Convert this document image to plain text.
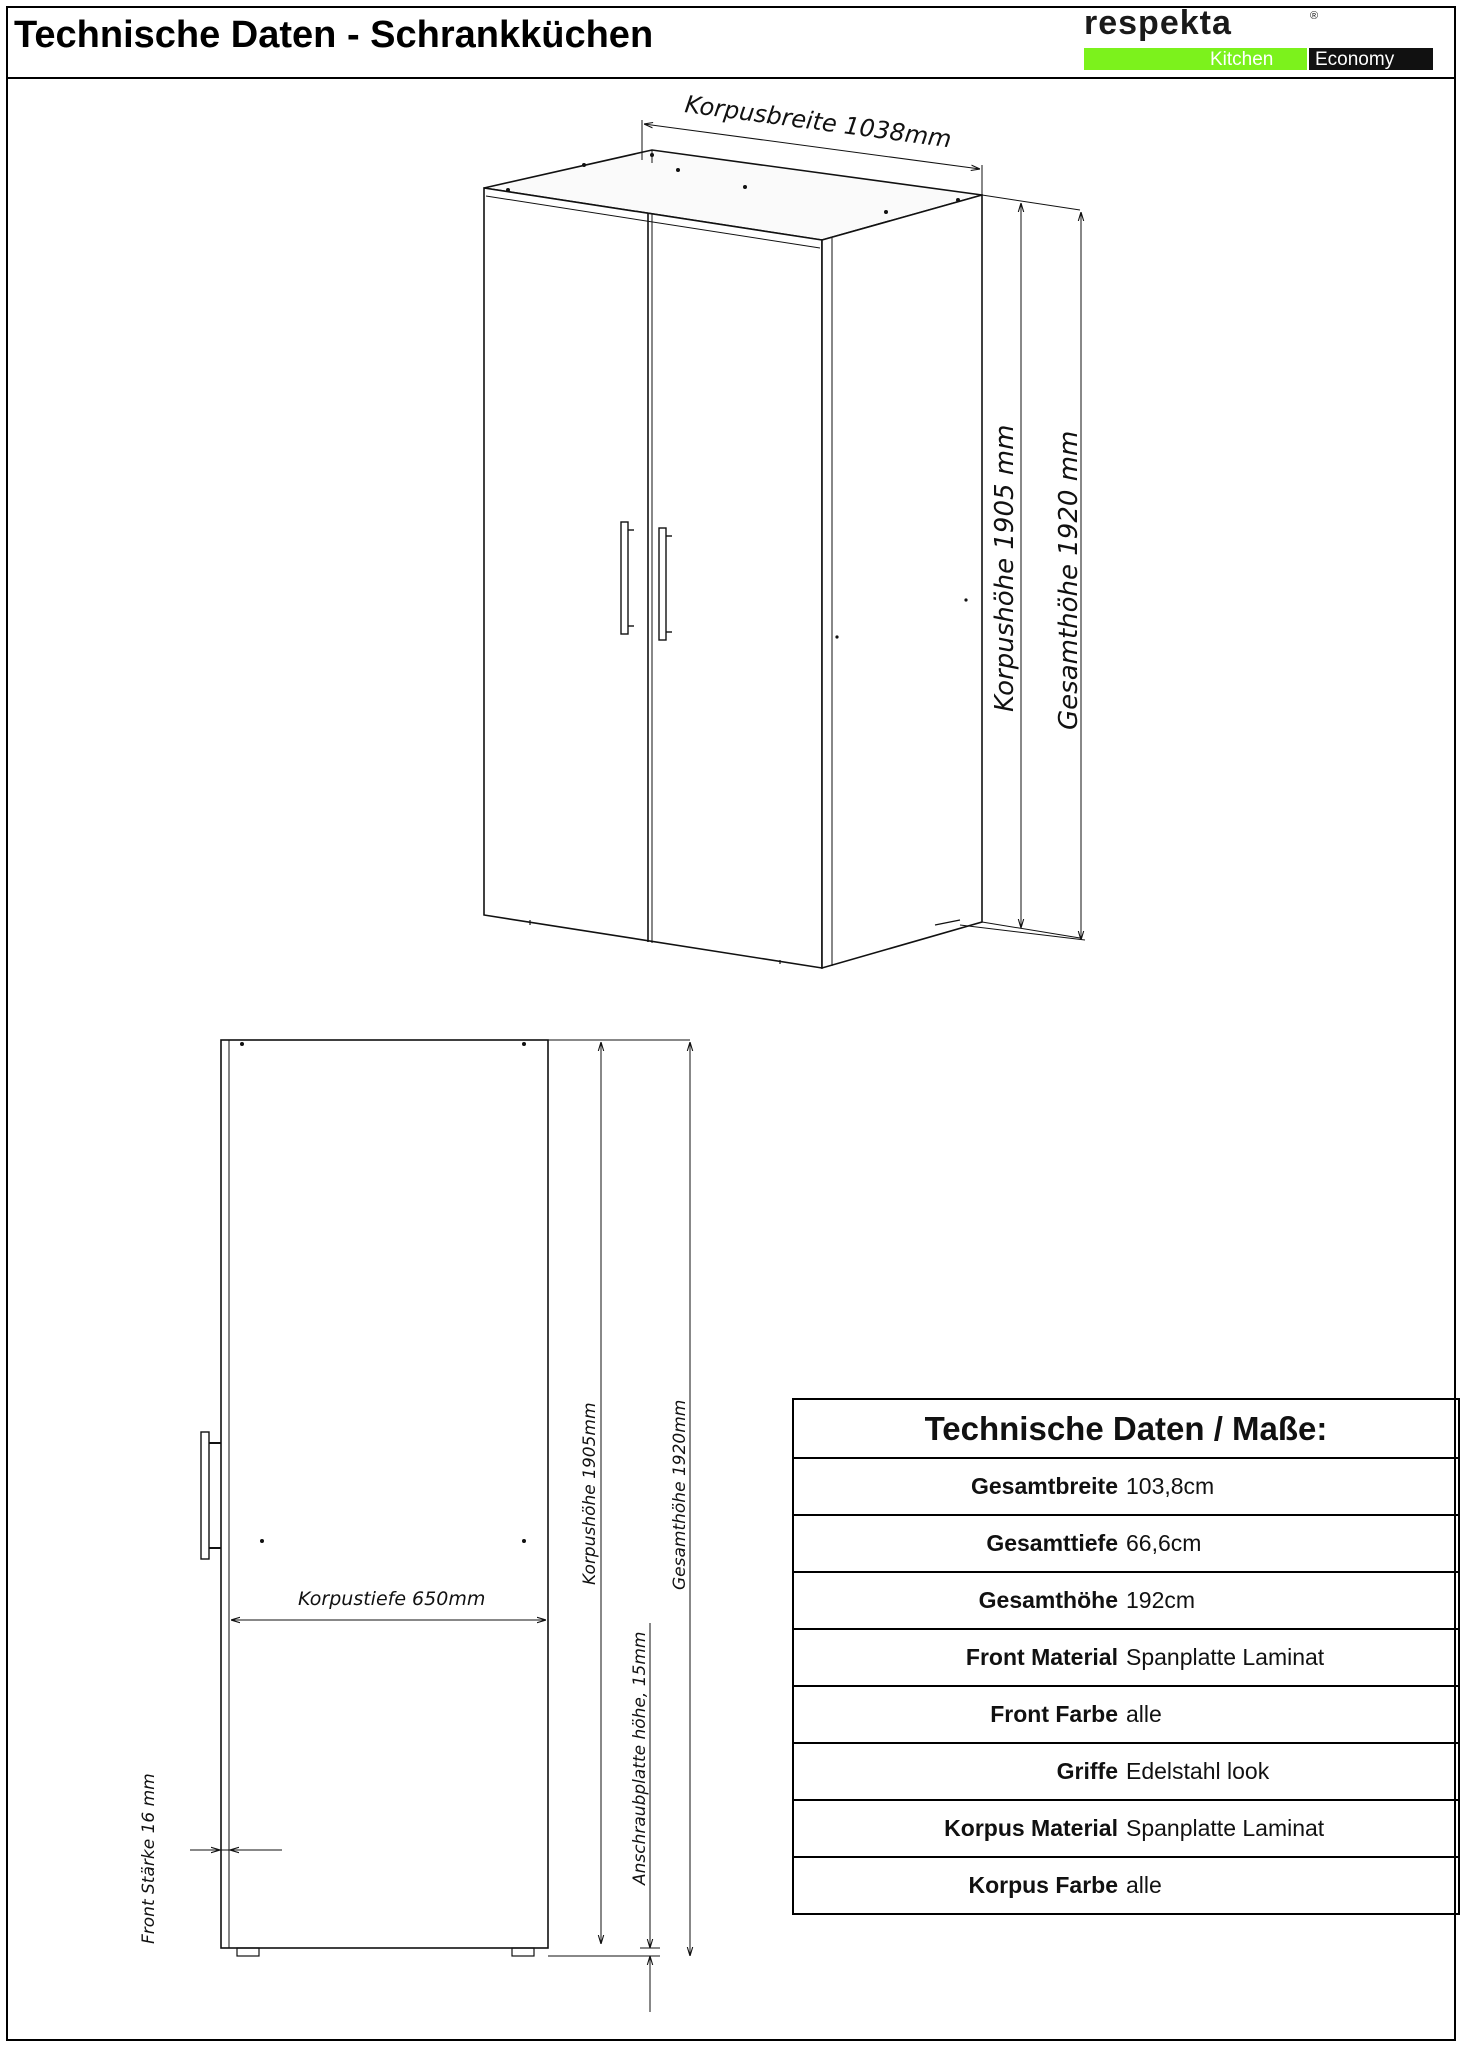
Technische Daten - Schrankküchen	respekta	®
Kitchen Economy
Korpusbreite 1038mm
Korpushöhe 1905 mm Gesamthöhe 1920 mm
Korpushöhe 1905mm	Gesamthöhe 1920mm
Korpustiefe 650mm
Anschraubplatte höhe, 15mm
Front Stärke 16 mm
Technische Daten / Maße:	
Gesamtbreite	103,8cm
Gesamttiefe	66,6cm
Gesamthöhe	192cm
Front Material	Spanplatte Laminat
Front Farbe	alle
Griffe	Edelstahl look
Korpus Material	Spanplatte Laminat
Korpus Farbe	alle
